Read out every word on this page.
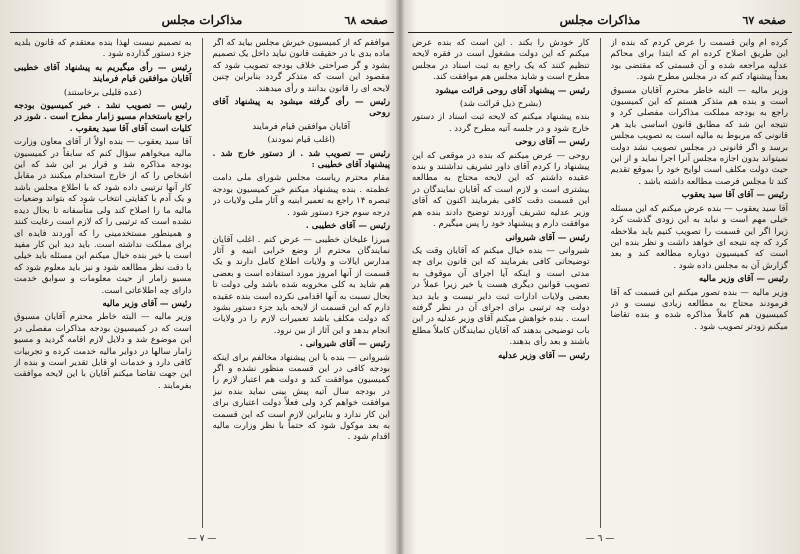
صفحه ٦٨
مذاکرات مجلس

موافقم که از کمیسیون خیرش مجلس بیاید که اگر ماده بدی با در حقیقت قانون نباید داخل یک تصمیم بشود و گر صراحتی خلاف بودجه تصویب شود که مقصود این است که متذکر گردد بنابراین چنین لایحه ای را قانون بدانند و رأی میدهند.

رئیس — رأی گرفته میشود به پیشنهاد آقای روحی

آقایان موافقین قیام فرمایند

(اغلب قیام نمودند)

رئیس — تصویب شد . از دستور خارج شد . پیشنهاد آقای خطیبی :

مقام محترم ریاست مجلس شورای ملی دامت عظمته . بنده پیشنهاد میکنم خیر کمیسیون بودجه تبصره ۱۴ راجع به تعمیر ابنیه و آثار ملی ولایات در درجه سوم جزء دستور شود .

رئیس — آقای خطیبی .

میرزا علیخان خطیبی — عرض کنم . اغلب آقایان نمایندگان محترم از وضع خرابی ابنیه و آثار مدارس ایالات و ولایات اطلاع کامل دارند و یک قسمت از آنها امروز مورد استفاده است و بعضی هم شاید به کلی مخروبه شده باشد ولی دولت تا بحال نسبت به آنها اقدامی نکرده است بنده عقیده دارم که این قسمت از لایحه باید جزء دستور بشود که دولت مکلف باشد تعمیرات لازم را در ولایات انجام بدهد و این آثار از بین نرود.

رئیس — آقای شیروانی .

شیروانی — بنده با این پیشنهاد مخالفم برای اینکه بودجه کافی در این قسمت منظور نشده و اگر کمیسیون موافقت کند و دولت هم اعتبار لازم را در بودجه سال آتیه پیش بینی نماید بنده نیز موافقت خواهم کرد ولی فعلاً دولت اعتباری برای این کار ندارد و بنابراین لازم است که این قسمت به بعد موکول شود که حتماً با نظر وزارت مالیه اقدام شود .

به تصمیم نیست لهذا بنده معتقدم که قانون بلدیه جزء دستور گذارده شود .

رئیس — رأی میگیریم به پیشنهاد آقای خطیبی آقایان موافقین قیام فرمایند

(عده قلیلی برخاستند)

رئیس — تصویب نشد . خبر کمیسیون بودجه راجع باستخدام مسیو زامار مطرح است . شور در کلیات است آقای آقا سید یعقوب .

آقا سید یعقوب — بنده اولاً از آقای معاون وزارت مالیه میخواهم سؤال کنم که سابقاً در کمیسیون بودجه مذاکره شد و قرار بر این شد که این اشخاص را که از خارج استخدام میکنند در مقابل کار آنها ترتیبی داده شود که با اطلاع مجلس باشد و یک آدم با کفایتی انتخاب شود که بتواند وضعیات مالیه ما را اصلاح کند ولی متأسفانه تا بحال دیده نشده است که ترتیبی را که لازم است رعایت کنند و همینطور مستخدمینی را که آوردند فایده ای برای مملکت نداشته است. باید دید این کار مفید است یا خیر بنده خیال میکنم این مسئله باید خیلی با دقت نظر مطالعه شود و نیز باید معلوم شود که مسیو زامار از حیث معلومات و سوابق خدمت دارای چه اطلاعاتی است.

رئیس — آقای وزیر مالیه

وزیر مالیه — البته خاطر محترم آقایان مسبوق است که در کمیسیون بودجه مذاکرات مفصلی در این موضوع شد و دلایل لازم اقامه گردید و مسیو زامار سالها در دوایر مالیه خدمت کرده و تجربیات کافی دارد و خدمات او قابل تقدیر است و بنده از این جهت تقاضا میکنم آقایان با این لایحه موافقت بفرمایند .

— ٧ —
صفحه ٦٧
مذاکرات مجلس

کرده ام واین قسمت را عرض کردم که بنده از این طریق اصلاح کرده ام که ابتدا برای محاکم عدلیه مراجعه شده و آن قسمتی که مقتضی بود بعداً پیشنهاد کنم که در مجلس مطرح شود.

وزیر مالیه — البته خاطر محترم آقایان مسبوق است و بنده هم متذکر هستم که این کمیسیون راجع به بودجه مملکت مذاکرات مفصلی کرد و نتیجه این شد که مطابق قانون اساسی باید هر قانونی که مربوط به مالیه است به تصویب مجلس برسد و اگر قانونی در مجلس تصویب نشد دولت نمیتواند بدون اجازه مجلس آنرا اجرا نماید و از این حیث دولت مکلف است لوایح خود را بموقع تقدیم کند تا مجلس فرصت مطالعه داشته باشد .

رئیس — آقای آقا سید یعقوب

آقا سید یعقوب — بنده عرض میکنم که این مسئله خیلی مهم است و نباید به این زودی گذشت کرد زیرا اگر این قسمت را تصویب کنیم باید ملاحظه کرد که چه نتیجه ای خواهد داشت و نظر بنده این است که کمیسیون دوباره مطالعه کند و بعد گزارش آن به مجلس داده شود .

رئیس — آقای وزیر مالیه

وزیر مالیه — بنده تصور میکنم این قسمت که آقا فرمودند محتاج به مطالعه زیادی نیست و در کمیسیون هم کاملاً مذاکره شده و بنده تقاضا میکنم زودتر تصویب شود .

کار خودش را بکند . این است که بنده عرض میکنم که این دولت مشغول است در فقره لایحه تنظیم کنند که یک راجع به ثبت اسناد در مجلس مطرح است و شاید مجلس هم موافقت کند.

رئیس — پیشنهاد آقای روحی قرائت میشود

(بشرح ذیل قرائت شد)

بنده پیشنهاد میکنم که لایحه ثبت اسناد از دستور خارج شود و در جلسه آتیه مطرح گردد .

رئیس — آقای روحی

روحی — عرض میکنم که بنده در موقعی که این پیشنهاد را کردم آقای داور تشریف نداشتند و بنده عقیده داشتم که این لایحه محتاج به مطالعه بیشتری است و لازم است که آقایان نمایندگان در این قسمت دقت کافی بفرمایند اکنون که آقای وزیر عدلیه تشریف آوردند توضیح دادند بنده هم موافقت دارم و پیشنهاد خود را پس میگیرم .

رئیس — آقای شیروانی

شیروانی — بنده خیال میکنم که آقایان وقت یک توضیحاتی کافی بفرمایند که این قانون برای چه مدتی است و اینکه آیا اجرای آن موقوف به تصویب قوانین دیگری هست یا خیر زیرا عملاً در بعضی ولایات ادارات ثبت دایر نیست و باید دید دولت چه ترتیبی برای اجرای آن در نظر گرفته است . بنده خواهش میکنم آقای وزیر عدلیه در این باب توضیحی بدهند که آقایان نمایندگان کاملاً مطلع باشند و بعد رأی بدهند.

رئیس — آقای وزیر عدلیه

— ٦ —
